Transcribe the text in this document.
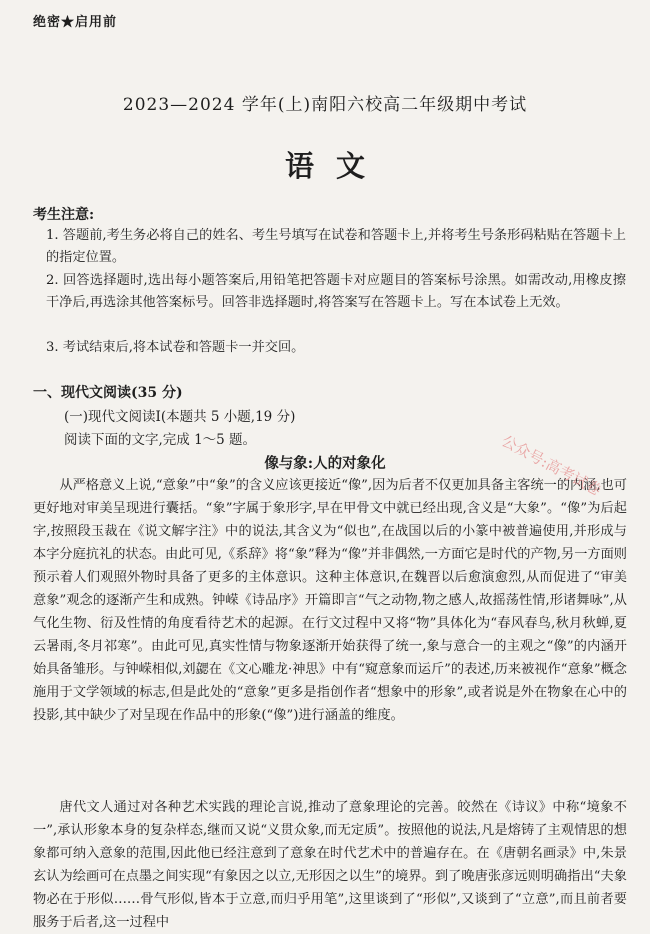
绝密★启用前
2023—2024 学年(上)南阳六校高二年级期中考试
语文
考生注意:
1. 答题前,考生务必将自己的姓名、考生号填写在试卷和答题卡上,并将考生号条形码粘贴在答题卡上的指定位置。
2. 回答选择题时,选出每小题答案后,用铅笔把答题卡对应题目的答案标号涂黑。如需改动,用橡皮擦干净后,再选涂其他答案标号。回答非选择题时,将答案写在答题卡上。写在本试卷上无效。
3. 考试结束后,将本试卷和答题卡一并交回。
一、现代文阅读(35 分)
(一)现代文阅读Ⅰ(本题共 5 小题,19 分)
阅读下面的文字,完成 1～5 题。
像与象:人的对象化
从严格意义上说,“意象”中“象”的含义应该更接近“像”,因为后者不仅更加具备主客统一的内涵,也可更好地对审美呈现进行囊括。“象”字属于象形字,早在甲骨文中就已经出现,含义是“大象”。“像”为后起字,按照段玉裁在《说文解字注》中的说法,其含义为“似也”,在战国以后的小篆中被普遍使用,并形成与本字分庭抗礼的状态。由此可见,《系辞》将“象”释为“像”并非偶然,一方面它是时代的产物,另一方面则预示着人们观照外物时具备了更多的主体意识。这种主体意识,在魏晋以后愈演愈烈,从而促进了“审美意象”观念的逐渐产生和成熟。钟嵘《诗品序》开篇即言“气之动物,物之感人,故摇荡性情,形诸舞咏”,从气化生物、衍及性情的角度看待艺术的起源。在行文过程中又将“物”具体化为“春风春鸟,秋月秋蝉,夏云暑雨,冬月祁寒”。由此可见,真实性情与物象逐渐开始获得了统一,象与意合一的主观之“像”的内涵开始具备雏形。与钟嵘相似,刘勰在《文心雕龙·神思》中有“窥意象而运斤”的表述,历来被视作“意象”概念施用于文学领域的标志,但是此处的“意象”更多是指创作者“想象中的形象”,或者说是外在物象在心中的投影,其中缺少了对呈现在作品中的形象(“像”)进行涵盖的维度。
唐代文人通过对各种艺术实践的理论言说,推动了意象理论的完善。皎然在《诗议》中称“境象不一”,承认形象本身的复杂样态,继而又说“义贯众象,而无定质”。按照他的说法,凡是熔铸了主观情思的想象都可纳入意象的范围,因此他已经注意到了意象在时代艺术中的普遍存在。在《唐朝名画录》中,朱景玄认为绘画可在点墨之间实现“有象因之以立,无形因之以生”的境界。到了晚唐张彦远则明确指出“夫象物必在于形似……骨气形似,皆本于立意,而归乎用笔”,这里谈到了“形似”,又谈到了“立意”,而且前者要服务于后者,这一过程中
公众号:高考试卷
